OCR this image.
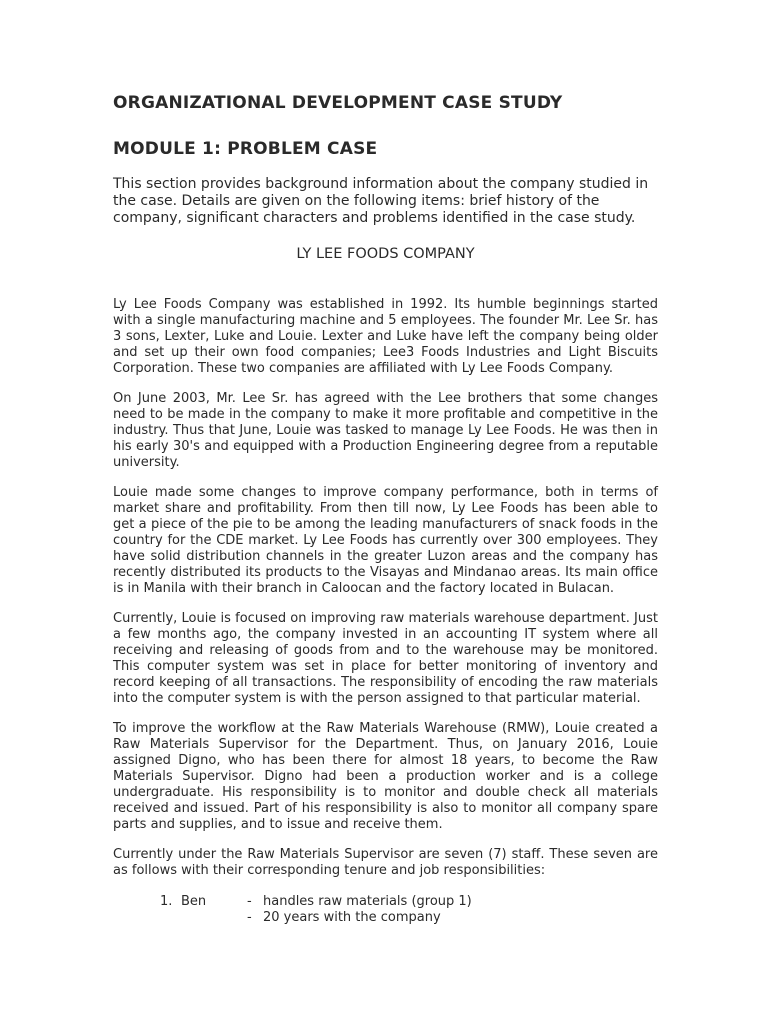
ORGANIZATIONAL DEVELOPMENT CASE STUDY
MODULE 1: PROBLEM CASE

This section provides background information about the company studied in the case. Details are given on the following items: brief history of the company, significant characters and problems identified in the case study.

LY LEE FOODS COMPANY

Ly Lee Foods Company was established in 1992. Its humble beginnings started with a single manufacturing machine and 5 employees. The founder Mr. Lee Sr. has 3 sons, Lexter, Luke and Louie. Lexter and Luke have left the company being older and set up their own food companies; Lee3 Foods Industries and Light Biscuits Corporation. These two companies are affiliated with Ly Lee Foods Company.

On June 2003, Mr. Lee Sr. has agreed with the Lee brothers that some changes need to be made in the company to make it more profitable and competitive in the industry. Thus that June, Louie was tasked to manage Ly Lee Foods. He was then in his early 30's and equipped with a Production Engineering degree from a reputable university.

Louie made some changes to improve company performance, both in terms of market share and profitability. From then till now, Ly Lee Foods has been able to get a piece of the pie to be among the leading manufacturers of snack foods in the country for the CDE market. Ly Lee Foods has currently over 300 employees. They have solid distribution channels in the greater Luzon areas and the company has recently distributed its products to the Visayas and Mindanao areas. Its main office is in Manila with their branch in Caloocan and the factory located in Bulacan.

Currently, Louie is focused on improving raw materials warehouse department. Just a few months ago, the company invested in an accounting IT system where all receiving and releasing of goods from and to the warehouse may be monitored. This computer system was set in place for better monitoring of inventory and record keeping of all transactions. The responsibility of encoding the raw materials into the computer system is with the person assigned to that particular material.

To improve the workflow at the Raw Materials Warehouse (RMW), Louie created a Raw Materials Supervisor for the Department. Thus, on January 2016, Louie assigned Digno, who has been there for almost 18 years, to become the Raw Materials Supervisor. Digno had been a production worker and is a college undergraduate. His responsibility is to monitor and double check all materials received and issued. Part of his responsibility is also to monitor all company spare parts and supplies, and to issue and receive them.

Currently under the Raw Materials Supervisor are seven (7) staff. These seven are as follows with their corresponding tenure and job responsibilities:

1. Ben	- handles raw materials (group 1)
- 20 years with the company
